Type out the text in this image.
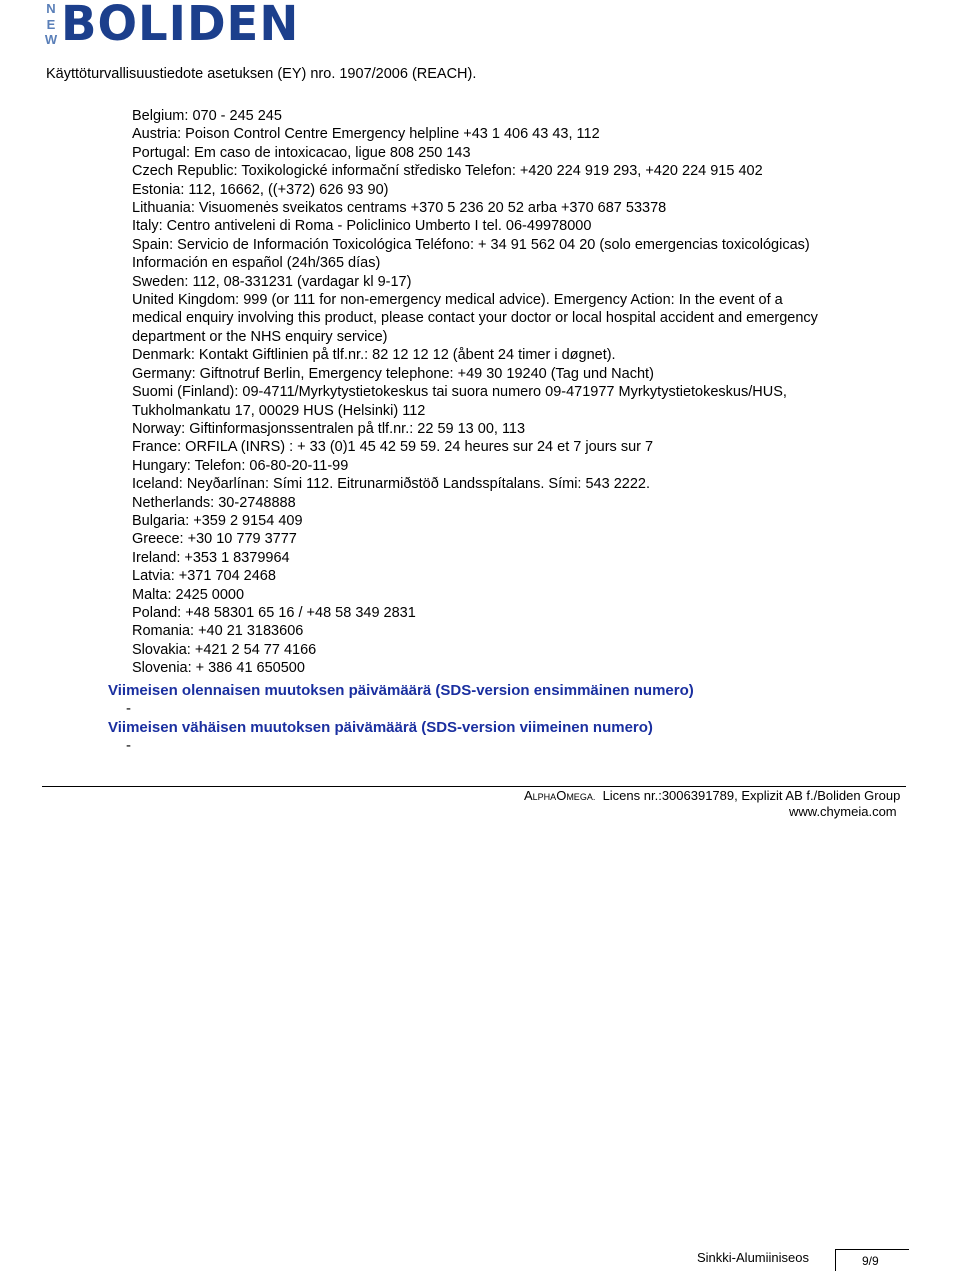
N
E
W BOLIDEN
Käyttöturvallisuustiedote asetuksen (EY) nro. 1907/2006 (REACH).
Belgium: 070 - 245 245
Austria: Poison Control Centre Emergency helpline +43 1 406 43 43, 112
Portugal: Em caso de intoxicacao, ligue 808 250 143
Czech Republic: Toxikologické informační středisko Telefon: +420 224 919 293, +420 224 915 402
Estonia: 112, 16662, ((+372) 626 93 90)
Lithuania: Visuomenės sveikatos centrams +370 5 236 20 52 arba +370 687 53378
Italy: Centro antiveleni di Roma - Policlinico Umberto I tel. 06-49978000
Spain: Servicio de Información Toxicológica Teléfono: + 34 91 562 04 20 (solo emergencias toxicológicas)
Información en español (24h/365 días)
Sweden: 112, 08-331231 (vardagar kl 9-17)
United Kingdom: 999 (or 111 for non-emergency medical advice). Emergency Action: In the event of a
medical enquiry involving this product, please contact your doctor or local hospital accident and emergency
department or the NHS enquiry service)
Denmark: Kontakt Giftlinien på tlf.nr.: 82 12 12 12 (åbent 24 timer i døgnet).
Germany: Giftnotruf Berlin, Emergency telephone: +49 30 19240 (Tag und Nacht)
Suomi (Finland): 09-4711/Myrkytystietokeskus tai suora numero 09-471977 Myrkytystietokeskus/HUS,
Tukholmankatu 17, 00029 HUS (Helsinki) 112
Norway: Giftinformasjonssentralen på tlf.nr.: 22 59 13 00, 113
France: ORFILA (INRS) : + 33 (0)1 45 42 59 59. 24 heures sur 24 et 7 jours sur 7
Hungary: Telefon: 06-80-20-11-99
Iceland: Neyðarlínan: Sími 112. Eitrunarmiðstöð Landsspítalans. Sími: 543 2222.
Netherlands: 30-2748888
Bulgaria: +359 2 9154 409
Greece: +30 10 779 3777
Ireland: +353 1 8379964
Latvia: +371 704 2468
Malta: 2425 0000
Poland: +48 58301 65 16 / +48 58 349 2831
Romania: +40 21 3183606
Slovakia: +421 2 54 77 4166
Slovenia: + 386 41 650500
Viimeisen olennaisen muutoksen päivämäärä (SDS-version ensimmäinen numero)
-
Viimeisen vähäisen muutoksen päivämäärä (SDS-version viimeinen numero)
-
ALPHAOMEGA. Licens nr.:3006391789, Explizit AB f./Boliden Group
www.chymeia.com
Sinkki-Alumiiniseos	9/9
